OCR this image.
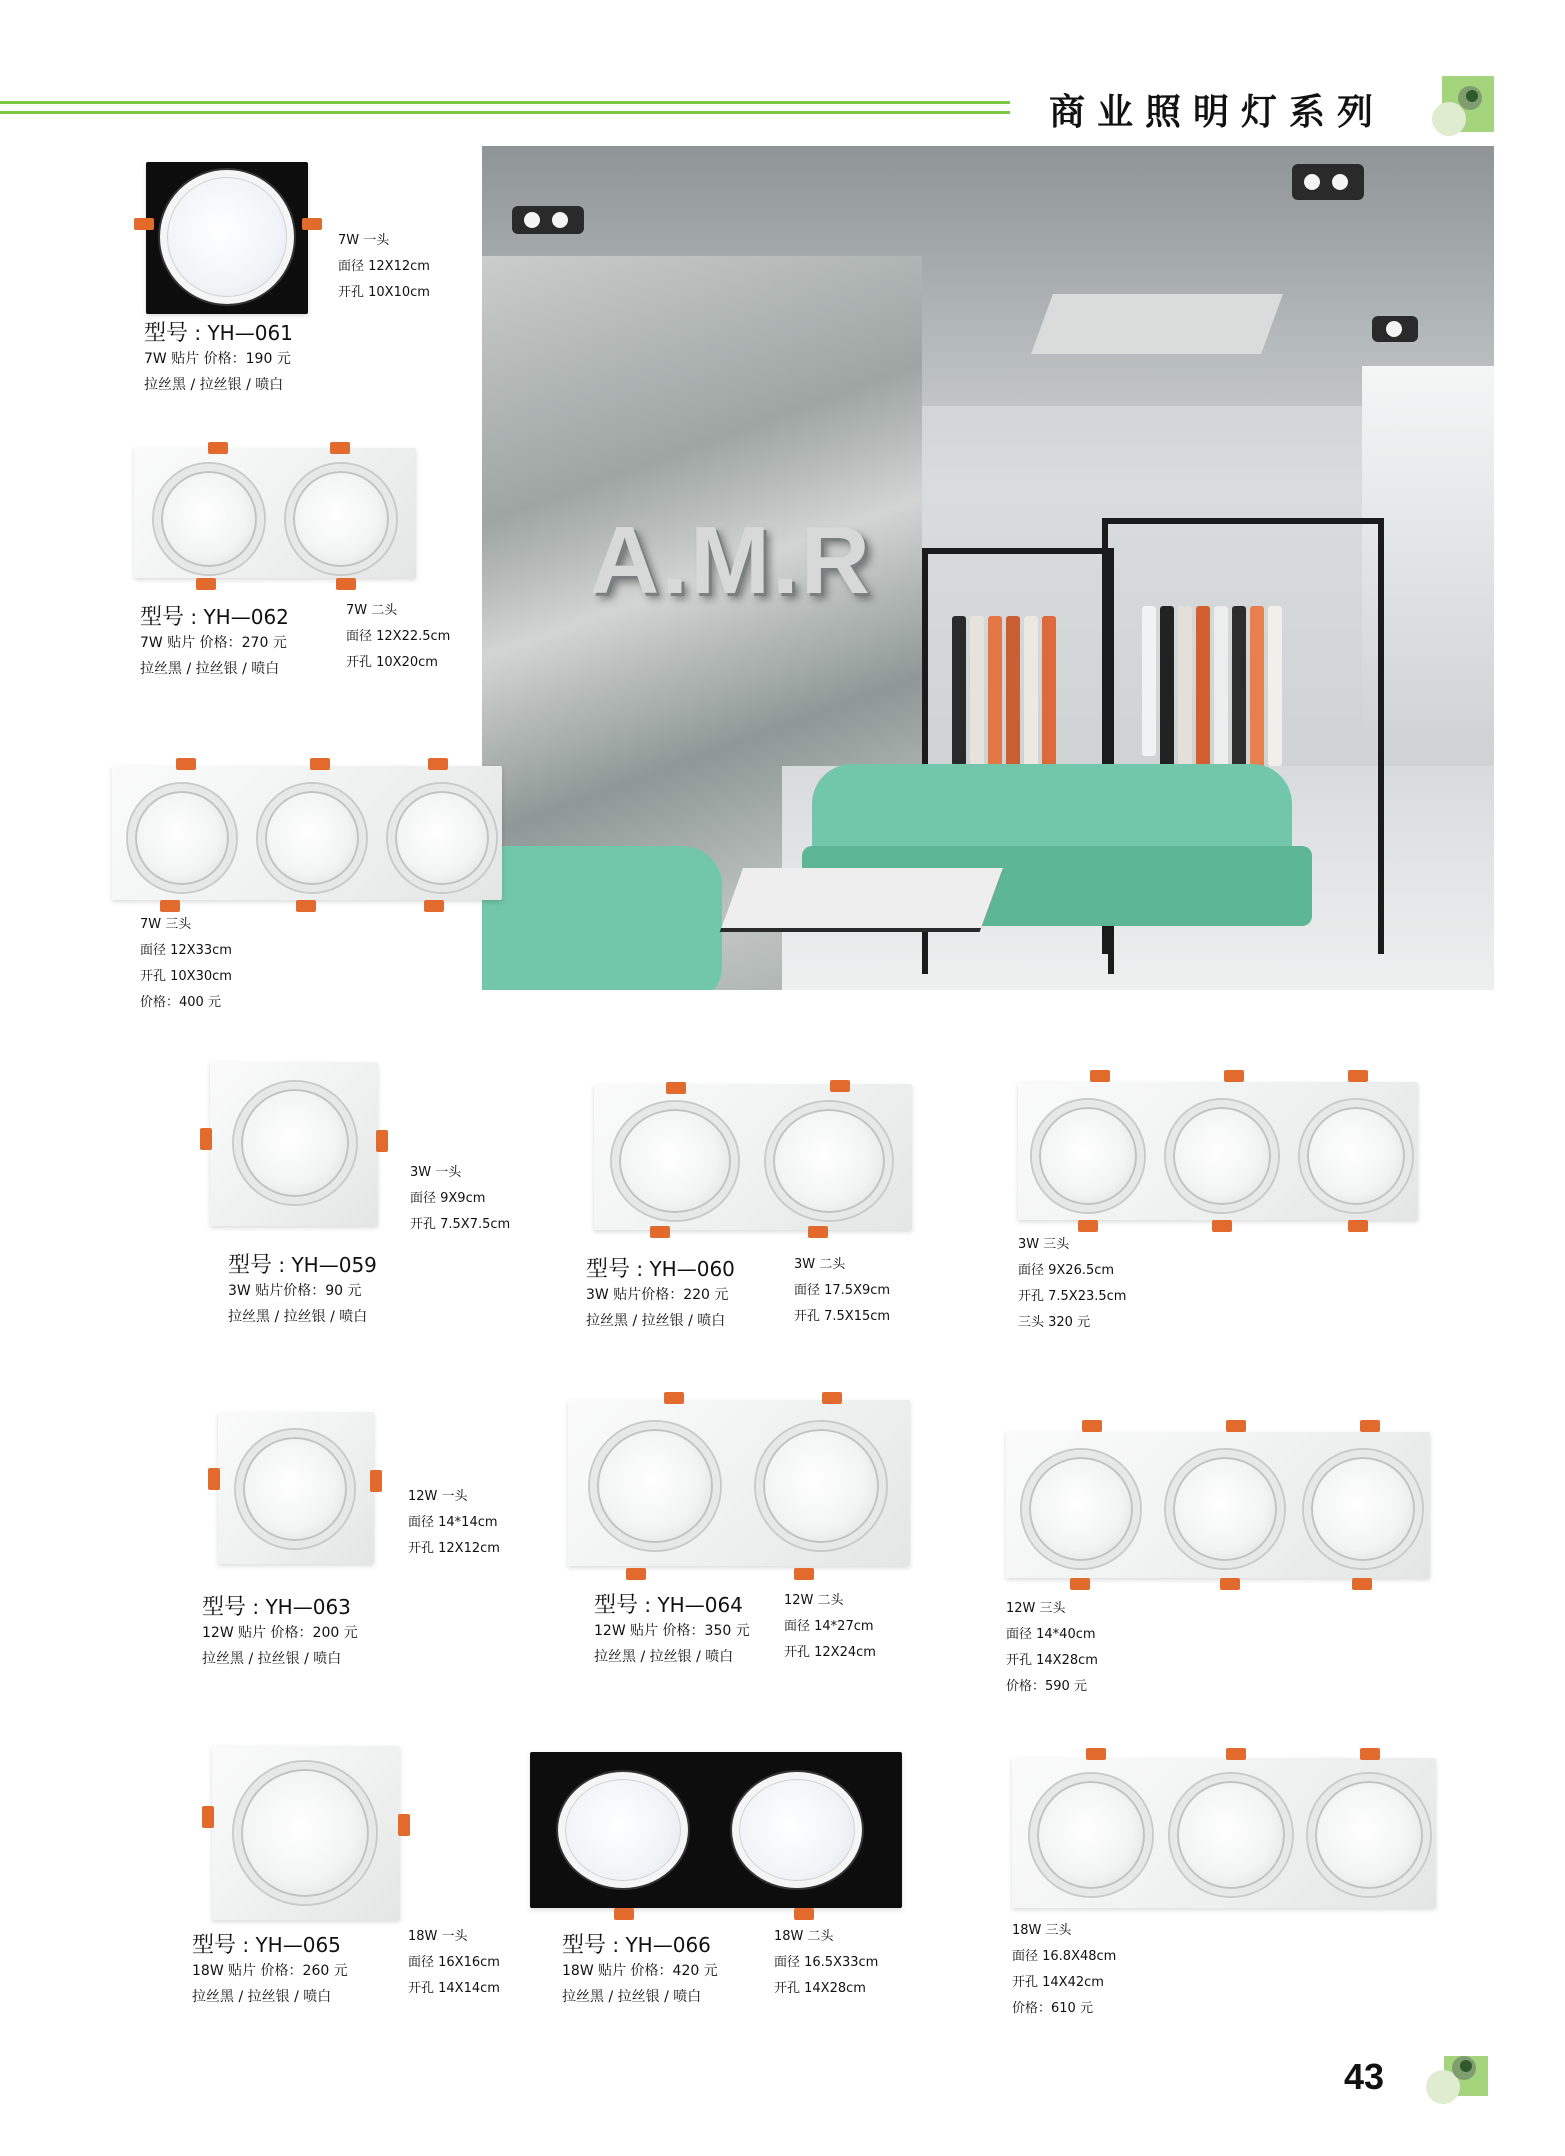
商业照明灯系列
A.M.R
7W 一头
面径 12X12cm
开孔 10X10cm
型号 : YH—061
7W 贴片 价格：190 元
拉丝黑 / 拉丝银 / 喷白
型号 : YH—062
7W 贴片 价格：270 元
拉丝黑 / 拉丝银 / 喷白
7W 二头
面径 12X22.5cm
开孔 10X20cm
7W 三头
面径 12X33cm
开孔 10X30cm
价格：400 元
3W 一头
面径 9X9cm
开孔 7.5X7.5cm
型号 : YH—059
3W 贴片价格：90 元
拉丝黑 / 拉丝银 / 喷白
型号 : YH—060
3W 贴片价格：220 元
拉丝黑 / 拉丝银 / 喷白
3W 二头
面径 17.5X9cm
开孔 7.5X15cm
3W 三头
面径 9X26.5cm
开孔 7.5X23.5cm
三头 320 元
12W 一头
面径 14*14cm
开孔 12X12cm
型号 : YH—063
12W 贴片 价格：200 元
拉丝黑 / 拉丝银 / 喷白
型号 : YH—064
12W 贴片 价格：350 元
拉丝黑 / 拉丝银 / 喷白
12W 二头
面径 14*27cm
开孔 12X24cm
12W 三头
面径 14*40cm
开孔 14X28cm
价格：590 元
型号 : YH—065
18W 贴片 价格：260 元
拉丝黑 / 拉丝银 / 喷白
18W 一头
面径 16X16cm
开孔 14X14cm
型号 : YH—066
18W 贴片 价格：420 元
拉丝黑 / 拉丝银 / 喷白
18W 二头
面径 16.5X33cm
开孔 14X28cm
18W 三头
面径 16.8X48cm
开孔 14X42cm
价格：610 元
43
